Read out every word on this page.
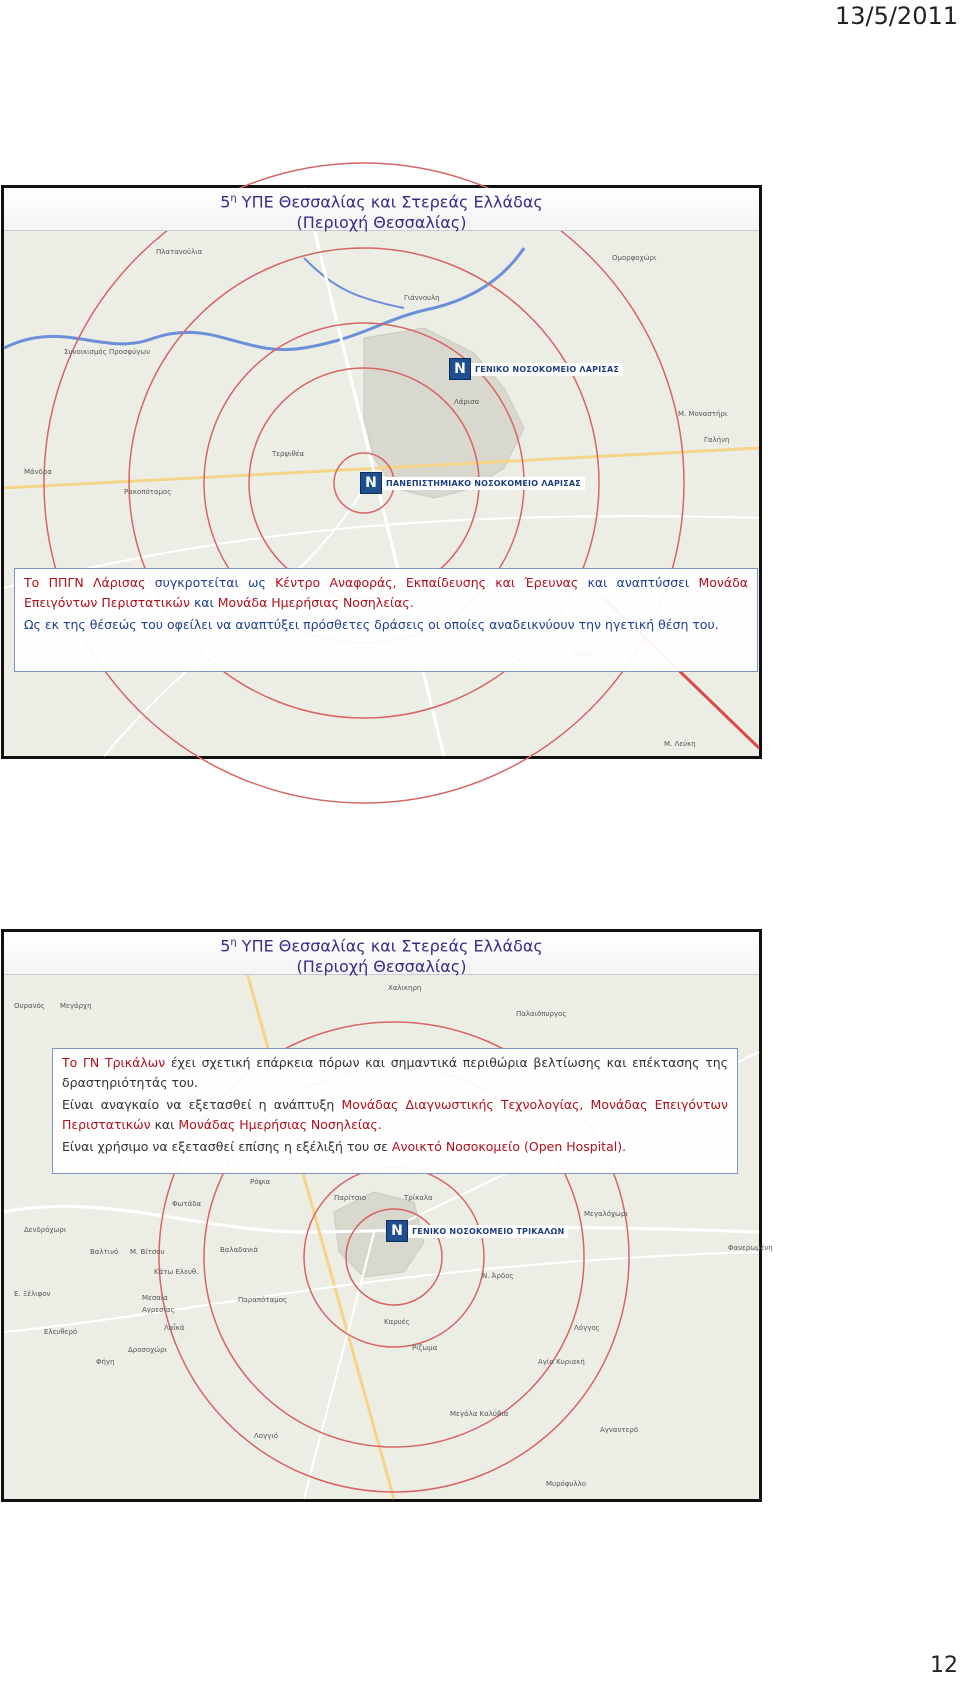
13/5/2011
Πλατανούλια
Ομορφοχώρι
Γιάννουλη
Συνοικισμός Προσφύγων
Λάρισα
Μ. Μοναστήρι
Γαλήνη
Τερψιθέα
Μάνδρα
Ρακοπόταμος
Μ. Λεύκη
N	ΓΕΝΙΚΟ ΝΟΣΟΚΟΜΕΙΟ ΛΑΡΙΣΑΣ
N	ΠΑΝΕΠΙΣΤΗΜΙΑΚΟ ΝΟΣΟΚΟΜΕΙΟ ΛΑΡΙΣΑΣ
$5^\eta$ ΥΠΕ Θεσσαλίας και Στερεάς Ελλάδας
(Περιοχή Θεσσαλίας)

Το ΠΠΓΝ Λάρισας συγκροτείται ως Κέντρο Αναφοράς, Εκπαίδευσης και Έρευνας και αναπτύσσει Μονάδα Επειγόντων Περιστατικών και Μονάδα Ημερήσιας Νοσηλείας.

Ως εκ της θέσεώς του οφείλει να αναπτύξει πρόσθετες δράσεις οι οποίες αναδεικνύουν την ηγετική θέση του.

Ουρανός Μεγάρχη
Χαλικηρη
Παλαιόπυργος
Ρόψια
Παρίτσιο	Τρίκαλα
Μεγαλόχωρι
Δενδρόχωρι
Φωτάδα
Βαλτινό Μ. Βίτσου	Βαλαδανιά	Φανερωμένη
Κάτω Ελευθ.
Ε. Ξέλιφον	Μεσαία	Παραπόταμος
Ν. Άρδος
Αγρεσίας
Λαΐκά
Καρυές
Λόγγος
Ελευθερό
Δροσοχώρι
Φήγη	Αγία Κυριακή
Ρίζωμα
Μεγάλα Καλύβια
Αγναντερό
Μυρόφυλλο
Λογγιό
N	ΓΕΝΙΚΟ ΝΟΣΟΚΟΜΕΙΟ ΤΡΙΚΑΛΩΝ
$5^\eta$ ΥΠΕ Θεσσαλίας και Στερεάς Ελλάδας
(Περιοχή Θεσσαλίας)

Το ΓΝ Τρικάλων έχει σχετική επάρκεια πόρων και σημαντικά περιθώρια βελτίωσης και επέκτασης της δραστηριότητάς του.

Είναι αναγκαίο να εξετασθεί η ανάπτυξη Μονάδας Διαγνωστικής Τεχνολογίας, Μονάδας Επειγόντων Περιστατικών και Μονάδας Ημερήσιας Νοσηλείας.

Είναι χρήσιμο να εξετασθεί επίσης η εξέλιξή του σε Ανοικτό Νοσοκομείο (Open Hospital).

12
